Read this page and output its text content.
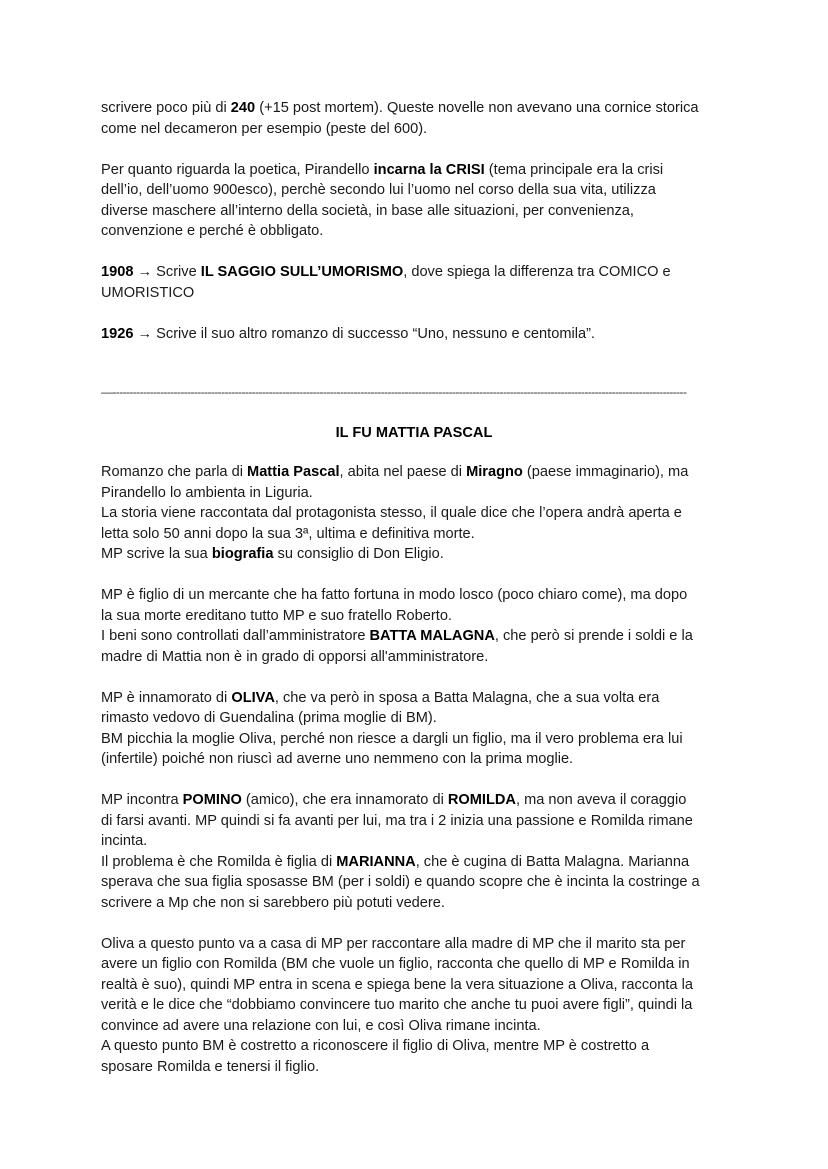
—-------------------------------------------------------------------------------------------------------------------------------------------------------------------------
IL FU MATTIA PASCAL
scrivere poco più di 240 (+15 post mortem). Queste novelle non avevano una cornice storica
come nel decameron per esempio (peste del 600).
Per quanto riguarda la poetica, Pirandello incarna la CRISI (tema principale era la crisi
dell’io, dell’uomo 900esco), perchè secondo lui l’uomo nel corso della sua vita, utilizza
diverse maschere all’interno della società, in base alle situazioni, per convenienza,
convenzione e perché è obbligato.
1908 → Scrive IL SAGGIO SULL’UMORISMO, dove spiega la differenza tra COMICO e
UMORISTICO
1926 → Scrive il suo altro romanzo di successo “Uno, nessuno e centomila”.
Romanzo che parla di Mattia Pascal, abita nel paese di Miragno (paese immaginario), ma
Pirandello lo ambienta in Liguria.
La storia viene raccontata dal protagonista stesso, il quale dice che l’opera andrà aperta e
letta solo 50 anni dopo la sua 3ª, ultima e definitiva morte.
MP scrive la sua biografia su consiglio di Don Eligio.
MP è figlio di un mercante che ha fatto fortuna in modo losco (poco chiaro come), ma dopo
la sua morte ereditano tutto MP e suo fratello Roberto.
I beni sono controllati dall’amministratore BATTA MALAGNA, che però si prende i soldi e la
madre di Mattia non è in grado di opporsi all'amministratore.
MP è innamorato di OLIVA, che va però in sposa a Batta Malagna, che a sua volta era
rimasto vedovo di Guendalina (prima moglie di BM).
BM picchia la moglie Oliva, perché non riesce a dargli un figlio, ma il vero problema era lui
(infertile) poiché non riuscì ad averne uno nemmeno con la prima moglie.
MP incontra POMINO (amico), che era innamorato di ROMILDA, ma non aveva il coraggio
di farsi avanti. MP quindi si fa avanti per lui, ma tra i 2 inizia una passione e Romilda rimane
incinta.
Il problema è che Romilda è figlia di MARIANNA, che è cugina di Batta Malagna. Marianna
sperava che sua figlia sposasse BM (per i soldi) e quando scopre che è incinta la costringe a
scrivere a Mp che non si sarebbero più potuti vedere.
Oliva a questo punto va a casa di MP per raccontare alla madre di MP che il marito sta per
avere un figlio con Romilda (BM che vuole un figlio, racconta che quello di MP e Romilda in
realtà è suo), quindi MP entra in scena e spiega bene la vera situazione a Oliva, racconta la
verità e le dice che “dobbiamo convincere tuo marito che anche tu puoi avere figli”, quindi la
convince ad avere una relazione con lui, e così Oliva rimane incinta.
A questo punto BM è costretto a riconoscere il figlio di Oliva, mentre MP è costretto a
sposare Romilda e tenersi il figlio.
